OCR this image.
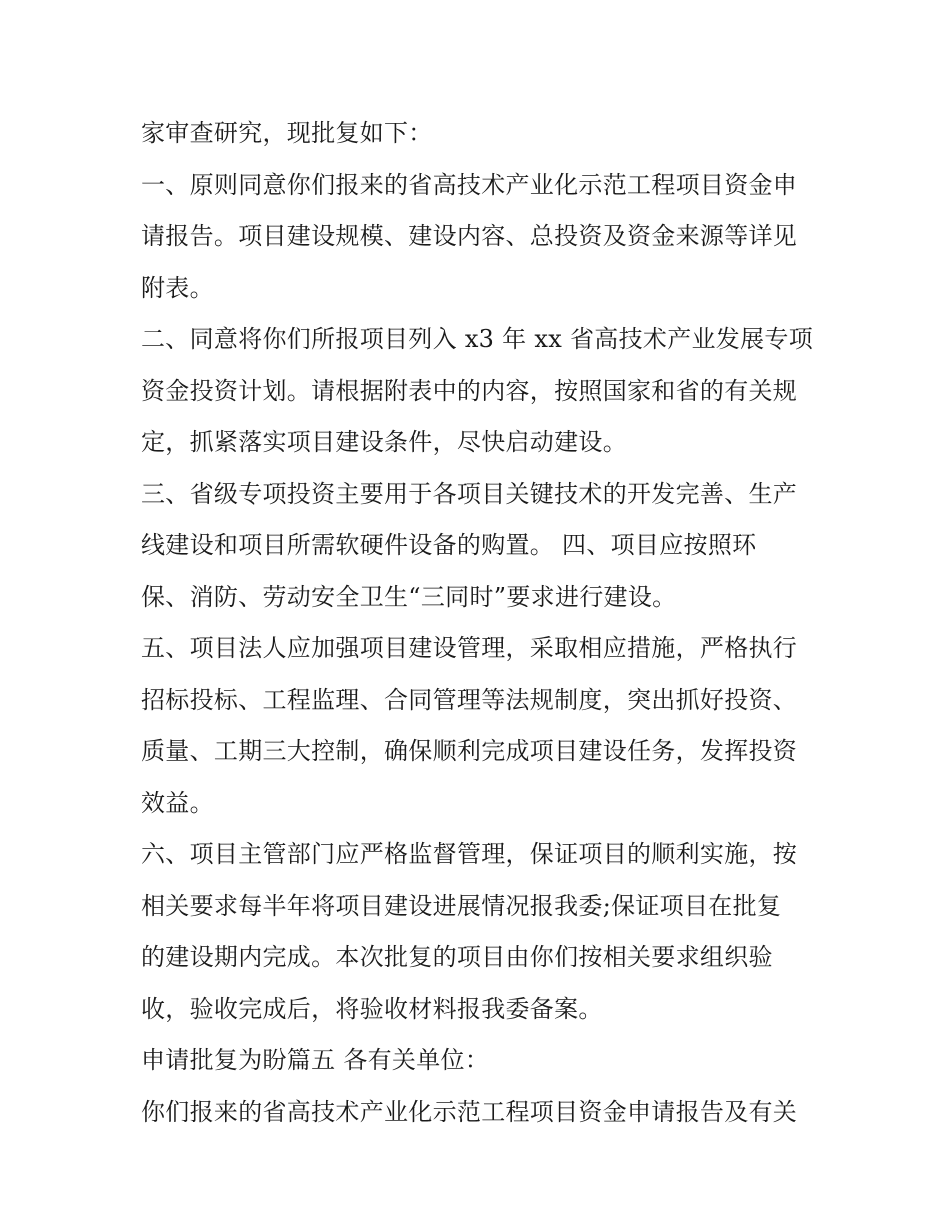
家审查研究，现批复如下：
一、原则同意你们报来的省高技术产业化示范工程项目资金申
请报告。项目建设规模、建设内容、总投资及资金来源等详见
附表。
二、同意将你们所报项目列入 x3 年 xx 省高技术产业发展专项
资金投资计划。请根据附表中的内容，按照国家和省的有关规
定，抓紧落实项目建设条件，尽快启动建设。
三、省级专项投资主要用于各项目关键技术的开发完善、生产
线建设和项目所需软硬件设备的购置。 四、项目应按照环
保、消防、劳动安全卫生“三同时”要求进行建设。
五、项目法人应加强项目建设管理，采取相应措施，严格执行
招标投标、工程监理、合同管理等法规制度，突出抓好投资、
质量、工期三大控制，确保顺利完成项目建设任务，发挥投资
效益。
六、项目主管部门应严格监督管理，保证项目的顺利实施，按
相关要求每半年将项目建设进展情况报我委;保证项目在批复
的建设期内完成。本次批复的项目由你们按相关要求组织验
收，验收完成后，将验收材料报我委备案。
申请批复为盼篇五 各有关单位：
你们报来的省高技术产业化示范工程项目资金申请报告及有关
